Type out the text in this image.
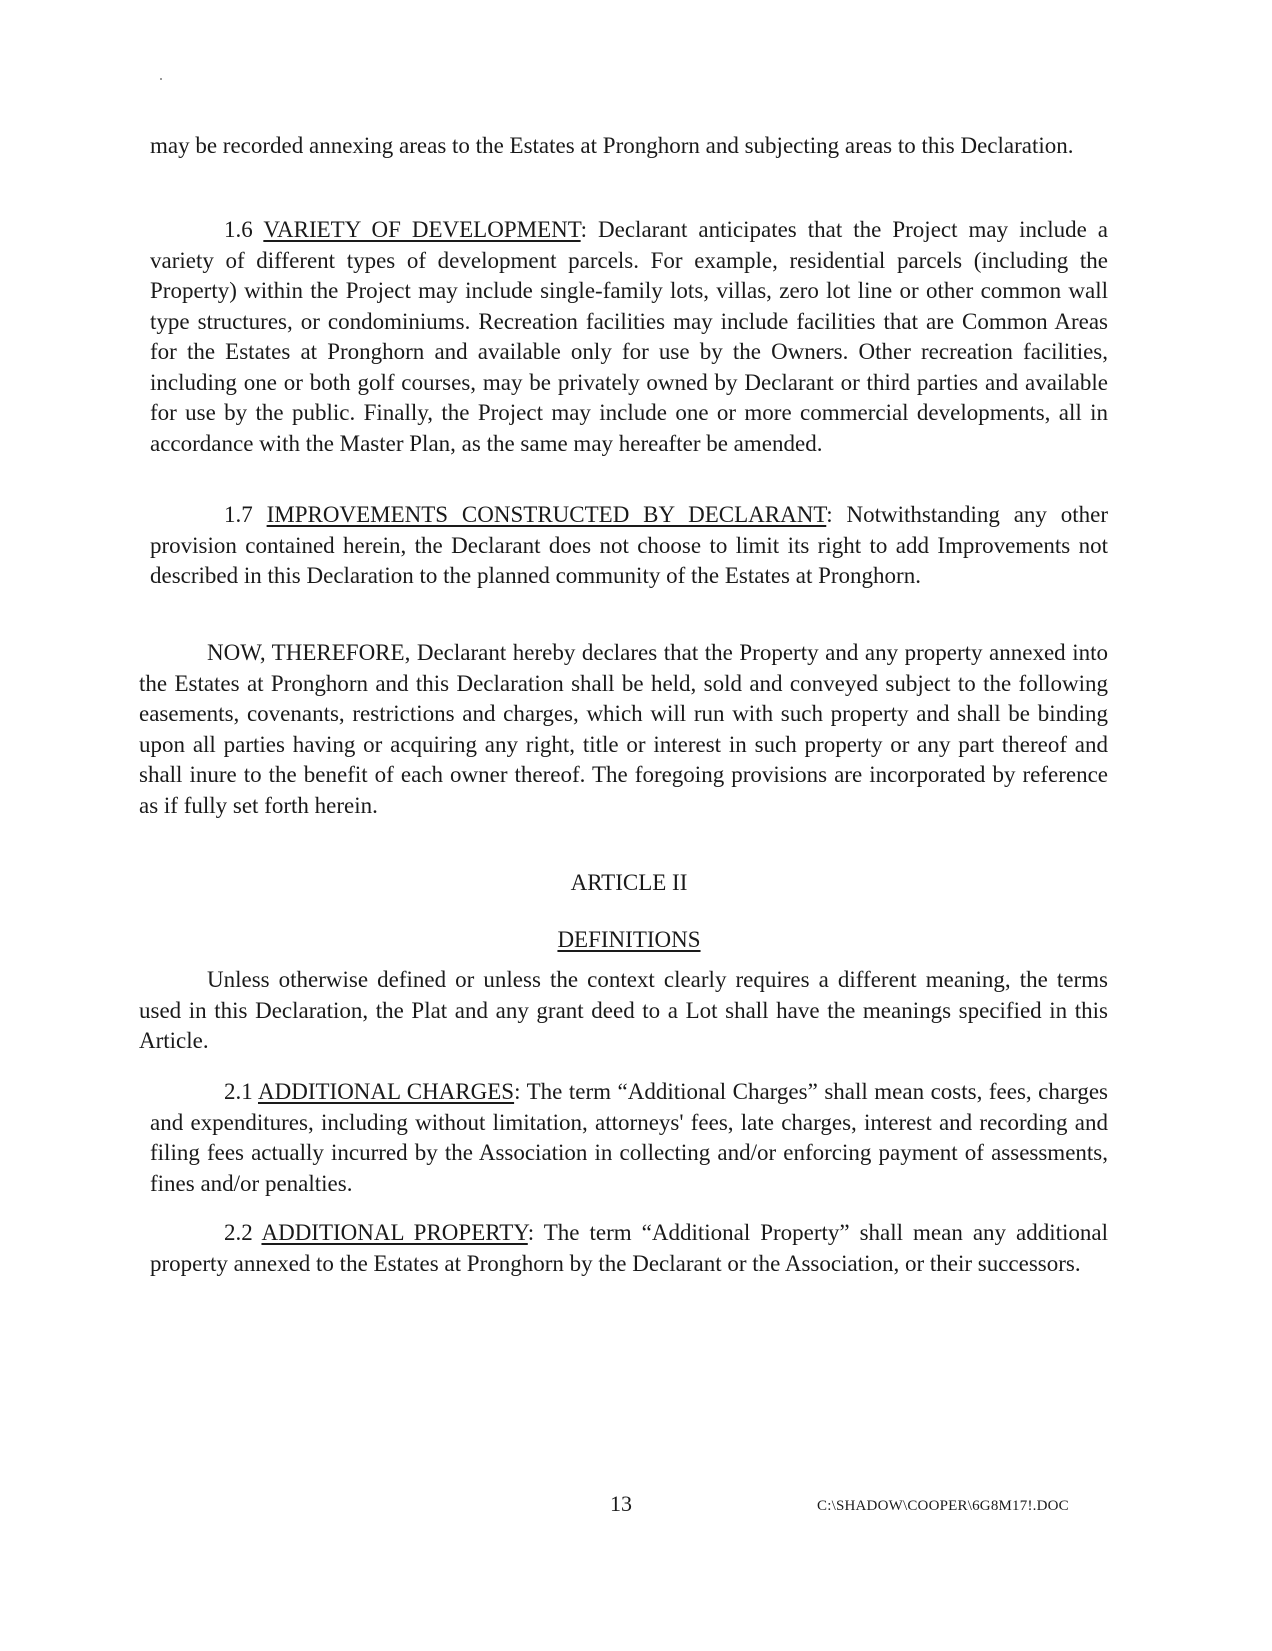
may be recorded annexing areas to the Estates at Pronghorn and subjecting areas to this Declaration.

1.6 VARIETY OF DEVELOPMENT: Declarant anticipates that the Project may include a variety of different types of development parcels. For example, residential parcels (including the Property) within the Project may include single-family lots, villas, zero lot line or other common wall type structures, or condominiums. Recreation facilities may include facilities that are Common Areas for the Estates at Pronghorn and available only for use by the Owners. Other recreation facilities, including one or both golf courses, may be privately owned by Declarant or third parties and available for use by the public. Finally, the Project may include one or more commercial developments, all in accordance with the Master Plan, as the same may hereafter be amended.

1.7 IMPROVEMENTS CONSTRUCTED BY DECLARANT: Notwithstanding any other provision contained herein, the Declarant does not choose to limit its right to add Improvements not described in this Declaration to the planned community of the Estates at Pronghorn.

NOW, THEREFORE, Declarant hereby declares that the Property and any property annexed into the Estates at Pronghorn and this Declaration shall be held, sold and conveyed subject to the following easements, covenants, restrictions and charges, which will run with such property and shall be binding upon all parties having or acquiring any right, title or interest in such property or any part thereof and shall inure to the benefit of each owner thereof. The foregoing provisions are incorporated by reference as if fully set forth herein.

ARTICLE II

DEFINITIONS

Unless otherwise defined or unless the context clearly requires a different meaning, the terms used in this Declaration, the Plat and any grant deed to a Lot shall have the meanings specified in this Article.

2.1 ADDITIONAL CHARGES: The term “Additional Charges” shall mean costs, fees, charges and expenditures, including without limitation, attorneys' fees, late charges, interest and recording and filing fees actually incurred by the Association in collecting and/or enforcing payment of assessments, fines and/or penalties.

2.2 ADDITIONAL PROPERTY: The term “Additional Property” shall mean any additional property annexed to the Estates at Pronghorn by the Declarant or the Association, or their successors.

13	C:\SHADOW\COOPER\6G8M17!.DOC
